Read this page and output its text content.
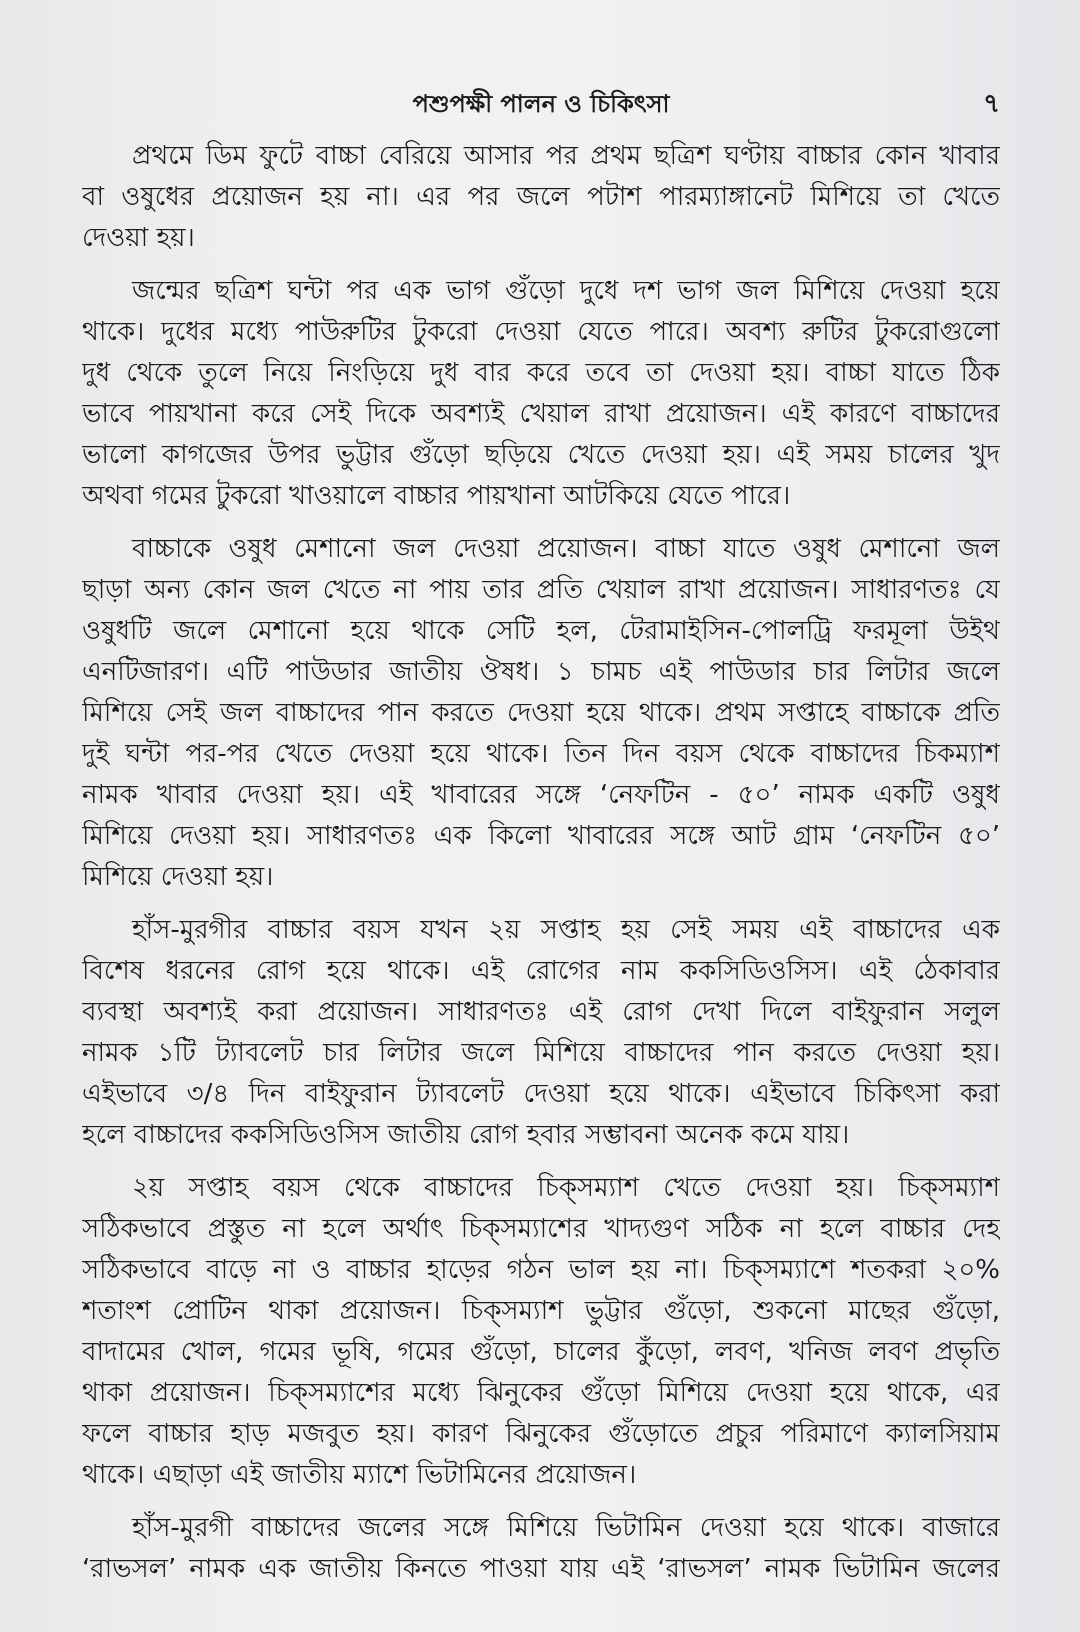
পশুপক্ষী পালন ও চিকিৎসা	৭
প্রথমে ডিম ফুটে বাচ্চা বেরিয়ে আসার পর প্রথম ছত্রিশ ঘণ্টায় বাচ্চার কোন খাবার
বা ওষুধের প্রয়োজন হয় না। এর পর জলে পটাশ পারম্যাঙ্গানেট মিশিয়ে তা খেতে
দেওয়া হয়।
জন্মের ছত্রিশ ঘন্টা পর এক ভাগ গুঁড়ো দুধে দশ ভাগ জল মিশিয়ে দেওয়া হয়ে
থাকে। দুধের মধ্যে পাউরুটির টুকরো দেওয়া যেতে পারে। অবশ্য রুটির টুকরোগুলো
দুধ থেকে তুলে নিয়ে নিংড়িয়ে দুধ বার করে তবে তা দেওয়া হয়। বাচ্চা যাতে ঠিক
ভাবে পায়খানা করে সেই দিকে অবশ্যই খেয়াল রাখা প্রয়োজন। এই কারণে বাচ্চাদের
ভালো কাগজের উপর ভুট্টার গুঁড়ো ছড়িয়ে খেতে দেওয়া হয়। এই সময় চালের খুদ
অথবা গমের টুকরো খাওয়ালে বাচ্চার পায়খানা আটকিয়ে যেতে পারে।
বাচ্চাকে ওষুধ মেশানো জল দেওয়া প্রয়োজন। বাচ্চা যাতে ওষুধ মেশানো জল
ছাড়া অন্য কোন জল খেতে না পায় তার প্রতি খেয়াল রাখা প্রয়োজন। সাধারণতঃ যে
ওষুধটি জলে মেশানো হয়ে থাকে সেটি হল, টেরামাইসিন-পোলট্রি ফরমূলা উইথ
এনটিজারণ। এটি পাউডার জাতীয় ঔষধ। ১ চামচ এই পাউডার চার লিটার জলে
মিশিয়ে সেই জল বাচ্চাদের পান করতে দেওয়া হয়ে থাকে। প্রথম সপ্তাহে বাচ্চাকে প্রতি
দুই ঘন্টা পর-পর খেতে দেওয়া হয়ে থাকে। তিন দিন বয়স থেকে বাচ্চাদের চিকম্যাশ
নামক খাবার দেওয়া হয়। এই খাবারের সঙ্গে ‘নেফটিন - ৫০’ নামক একটি ওষুধ
মিশিয়ে দেওয়া হয়। সাধারণতঃ এক কিলো খাবারের সঙ্গে আট গ্রাম ‘নেফটিন ৫০’
মিশিয়ে দেওয়া হয়।
হাঁস-মুরগীর বাচ্চার বয়স যখন ২য় সপ্তাহ হয় সেই সময় এই বাচ্চাদের এক
বিশেষ ধরনের রোগ হয়ে থাকে। এই রোগের নাম ককসিডিওসিস। এই ঠেকাবার
ব্যবস্থা অবশ্যই করা প্রয়োজন। সাধারণতঃ এই রোগ দেখা দিলে বাইফুরান সলুল
নামক ১টি ট্যাবলেট চার লিটার জলে মিশিয়ে বাচ্চাদের পান করতে দেওয়া হয়।
এইভাবে ৩/৪ দিন বাইফুরান ট্যাবলেট দেওয়া হয়ে থাকে। এইভাবে চিকিৎসা করা
হলে বাচ্চাদের ককসিডিওসিস জাতীয় রোগ হবার সম্ভাবনা অনেক কমে যায়।
২য় সপ্তাহ বয়স থেকে বাচ্চাদের চিক্‌সম্যাশ খেতে দেওয়া হয়। চিক্‌সম্যাশ
সঠিকভাবে প্রস্তুত না হলে অর্থাৎ চিক্‌সম্যাশের খাদ্যগুণ সঠিক না হলে বাচ্চার দেহ
সঠিকভাবে বাড়ে না ও বাচ্চার হাড়ের গঠন ভাল হয় না। চিক্‌সম্যাশে শতকরা ২০%
শতাংশ প্রোটিন থাকা প্রয়োজন। চিক্‌সম্যাশ ভুট্টার গুঁড়ো, শুকনো মাছের গুঁড়ো,
বাদামের খোল, গমের ভূষি, গমের গুঁড়ো, চালের কুঁড়ো, লবণ, খনিজ লবণ প্রভৃতি
থাকা প্রয়োজন। চিক্‌সম্যাশের মধ্যে ঝিনুকের গুঁড়ো মিশিয়ে দেওয়া হয়ে থাকে, এর
ফলে বাচ্চার হাড় মজবুত হয়। কারণ ঝিনুকের গুঁড়োতে প্রচুর পরিমাণে ক্যালসিয়াম
থাকে। এছাড়া এই জাতীয় ম্যাশে ভিটামিনের প্রয়োজন।
হাঁস-মুরগী বাচ্চাদের জলের সঙ্গে মিশিয়ে ভিটামিন দেওয়া হয়ে থাকে। বাজারে
‘রাভসল’ নামক এক জাতীয় কিনতে পাওয়া যায় এই ‘রাভসল’ নামক ভিটামিন জলের
